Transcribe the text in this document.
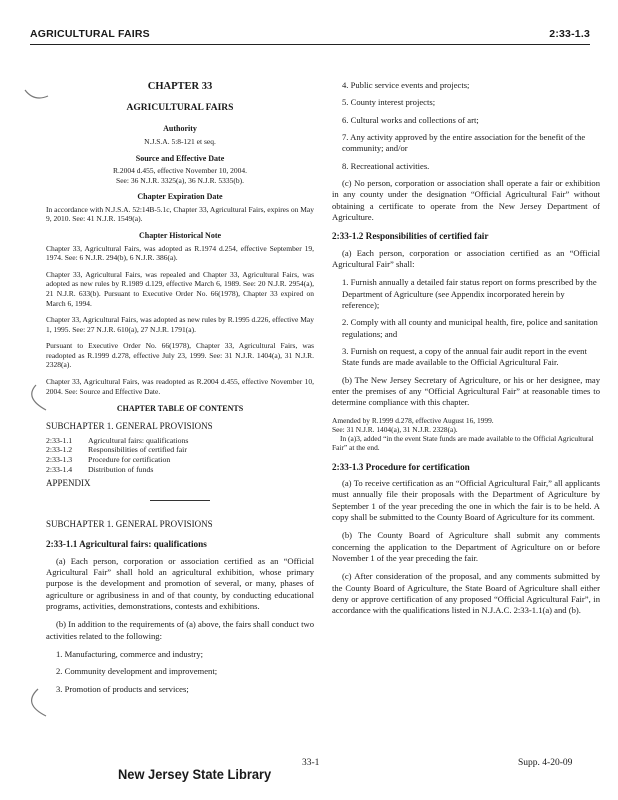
AGRICULTURAL FAIRS	2:33-1.3
CHAPTER 33
AGRICULTURAL FAIRS
Authority
N.J.S.A. 5:8-121 et seq.
Source and Effective Date
R.2004 d.455, effective November 10, 2004.
See: 36 N.J.R. 3325(a), 36 N.J.R. 5335(b).
Chapter Expiration Date
In accordance with N.J.S.A. 52:14B-5.1c, Chapter 33, Agricultural Fairs, expires on May 9, 2010. See: 41 N.J.R. 1549(a).
Chapter Historical Note
Chapter 33, Agricultural Fairs, was adopted as R.1974 d.254, effective September 19, 1974. See: 6 N.J.R. 294(b), 6 N.J.R. 386(a).
Chapter 33, Agricultural Fairs, was repealed and Chapter 33, Agricultural Fairs, was adopted as new rules by R.1989 d.129, effective March 6, 1989. See: 20 N.J.R. 2954(a), 21 N.J.R. 633(b). Pursuant to Executive Order No. 66(1978), Chapter 33 expired on March 6, 1994.
Chapter 33, Agricultural Fairs, was adopted as new rules by R.1995 d.226, effective May 1, 1995. See: 27 N.J.R. 610(a), 27 N.J.R. 1791(a).
Pursuant to Executive Order No. 66(1978), Chapter 33, Agricultural Fairs, was readopted as R.1999 d.278, effective July 23, 1999. See: 31 N.J.R. 1404(a), 31 N.J.R. 2328(a).
Chapter 33, Agricultural Fairs, was readopted as R.2004 d.455, effective November 10, 2004. See: Source and Effective Date.
CHAPTER TABLE OF CONTENTS
SUBCHAPTER 1. GENERAL PROVISIONS
2:33-1.1	Agricultural fairs: qualifications
2:33-1.2	Responsibilities of certified fair
2:33-1.3	Procedure for certification
2:33-1.4	Distribution of funds
APPENDIX
SUBCHAPTER 1. GENERAL PROVISIONS
2:33-1.1 Agricultural fairs: qualifications
(a) Each person, corporation or association certified as an “Official Agricultural Fair” shall hold an agricultural exhibition, whose primary purpose is the development and promotion of several, or many, phases of agriculture or agribusiness in and of that county, by conducting educational programs, activities, demonstrations, contests and exhibitions.
(b) In addition to the requirements of (a) above, the fairs shall conduct two activities related to the following:
1. Manufacturing, commerce and industry;
2. Community development and improvement;
3. Promotion of products and services;
4. Public service events and projects;
5. County interest projects;
6. Cultural works and collections of art;
7. Any activity approved by the entire association for the benefit of the community; and/or
8. Recreational activities.
(c) No person, corporation or association shall operate a fair or exhibition in any county under the designation “Official Agricultural Fair” without obtaining a certificate to operate from the New Jersey Department of Agriculture.
2:33-1.2 Responsibilities of certified fair
(a) Each person, corporation or association certified as an “Official Agricultural Fair” shall:
1. Furnish annually a detailed fair status report on forms prescribed by the Department of Agriculture (see Appendix incorporated herein by reference);
2. Comply with all county and municipal health, fire, police and sanitation regulations; and
3. Furnish on request, a copy of the annual fair audit report in the event State funds are made available to the Official Agricultural Fair.
(b) The New Jersey Secretary of Agriculture, or his or her designee, may enter the premises of any “Official Agricultural Fair” at reasonable times to determine compliance with this chapter.
Amended by R.1999 d.278, effective August 16, 1999.
See: 31 N.J.R. 1404(a), 31 N.J.R. 2328(a).
In (a)3, added “in the event State funds are made available to the Official Agricultural Fair” at the end.
2:33-1.3 Procedure for certification
(a) To receive certification as an “Official Agricultural Fair,” all applicants must annually file their proposals with the Department of Agriculture by September 1 of the year preceding the one in which the fair is to be held. A copy shall be submitted to the County Board of Agriculture for its comment.
(b) The County Board of Agriculture shall submit any comments concerning the application to the Department of Agriculture on or before November 1 of the year preceding the fair.
(c) After consideration of the proposal, and any comments submitted by the County Board of Agriculture, the State Board of Agriculture shall either deny or approve certification of any proposed “Official Agricultural Fair”, in accordance with the qualifications listed in N.J.A.C. 2:33-1.1(a) and (b).
New Jersey State Library
33-1	Supp. 4-20-09
